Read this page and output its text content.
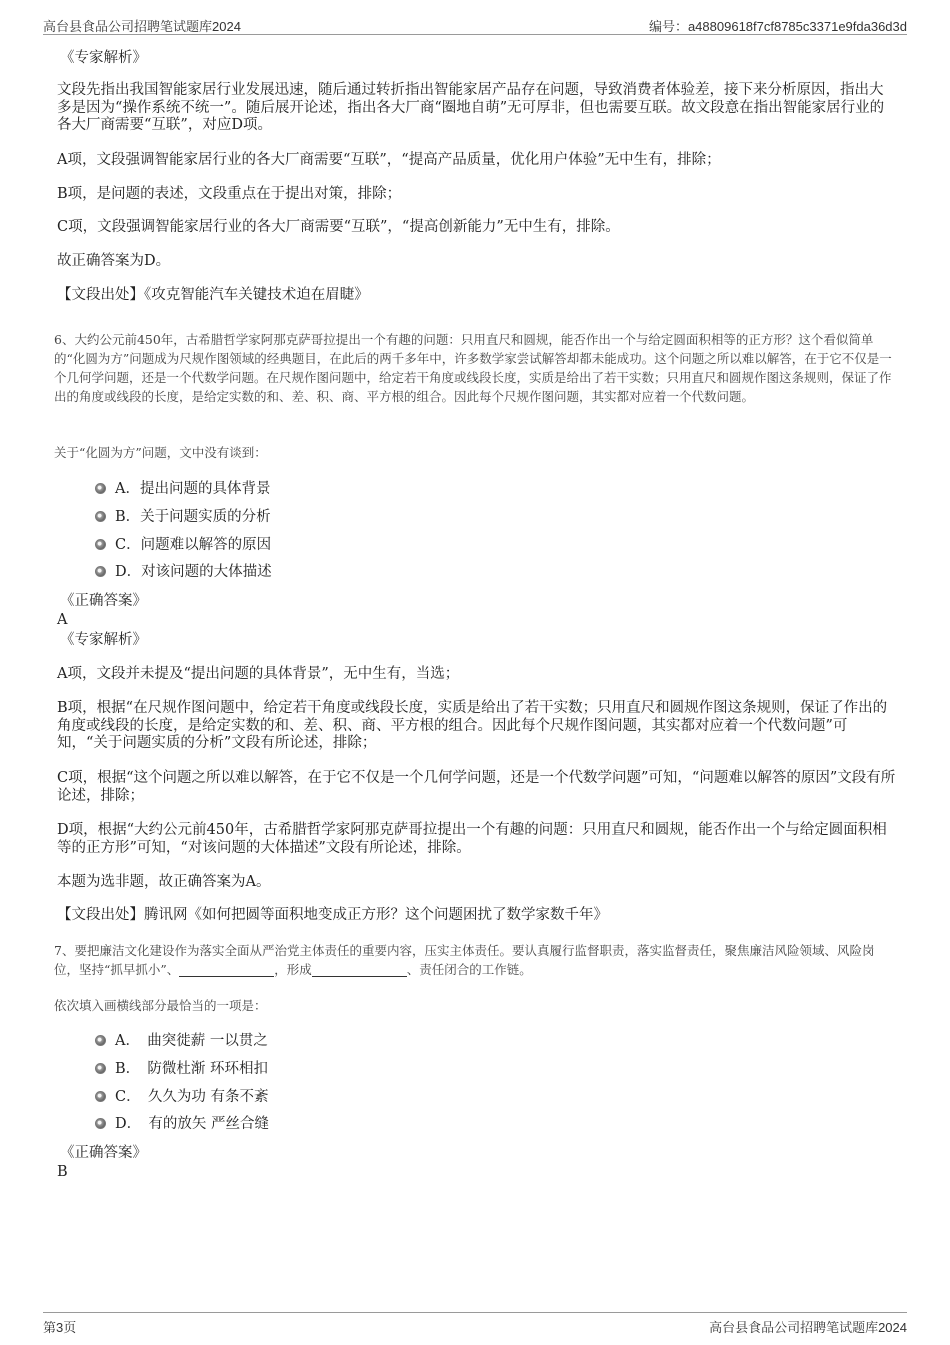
高台县食品公司招聘笔试题库2024	编号：a48809618f7cf8785c3371e9fda36d3d

《专家解析》

文段先指出我国智能家居行业发展迅速，随后通过转折指出智能家居产品存在问题，导致消费者体验差，接下来分析原因，指出大多是因为“操作系统不统一”。随后展开论述，指出各大厂商“圈地自萌”无可厚非，但也需要互联。故文段意在指出智能家居行业的各大厂商需要“互联”，对应D项。

A项，文段强调智能家居行业的各大厂商需要“互联”，“提高产品质量，优化用户体验”无中生有，排除；

B项，是问题的表述，文段重点在于提出对策，排除；

C项，文段强调智能家居行业的各大厂商需要“互联”，“提高创新能力”无中生有，排除。

故正确答案为D。

【文段出处】《攻克智能汽车关键技术迫在眉睫》

6、大约公元前450年，古希腊哲学家阿那克萨哥拉提出一个有趣的问题：只用直尺和圆规，能否作出一个与给定圆面积相等的正方形？这个看似简单的“化圆为方”问题成为尺规作图领域的经典题目，在此后的两千多年中，许多数学家尝试解答却都未能成功。这个问题之所以难以解答，在于它不仅是一个几何学问题，还是一个代数学问题。在尺规作图问题中，给定若干角度或线段长度，实质是给出了若干实数；只用直尺和圆规作图这条规则，保证了作出的角度或线段的长度，是给定实数的和、差、积、商、平方根的组合。因此每个尺规作图问题，其实都对应着一个代数问题。

关于“化圆为方”问题，文中没有谈到：

A．提出问题的具体背景
B．关于问题实质的分析
C．问题难以解答的原因
D．对该问题的大体描述

《正确答案》

A

《专家解析》

A项，文段并未提及“提出问题的具体背景”，无中生有，当选；

B项，根据“在尺规作图问题中，给定若干角度或线段长度，实质是给出了若干实数；只用直尺和圆规作图这条规则，保证了作出的角度或线段的长度，是给定实数的和、差、积、商、平方根的组合。因此每个尺规作图问题，其实都对应着一个代数问题”可知，“关于问题实质的分析”文段有所论述，排除；

C项，根据“这个问题之所以难以解答，在于它不仅是一个几何学问题，还是一个代数学问题”可知，“问题难以解答的原因”文段有所论述，排除；

D项，根据“大约公元前450年，古希腊哲学家阿那克萨哥拉提出一个有趣的问题：只用直尺和圆规，能否作出一个与给定圆面积相等的正方形”可知，“对该问题的大体描述”文段有所论述，排除。

本题为选非题，故正确答案为A。

【文段出处】腾讯网《如何把圆等面积地变成正方形？这个问题困扰了数学家数千年》

7、要把廉洁文化建设作为落实全面从严治党主体责任的重要内容，压实主体责任。要认真履行监督职责，落实监督责任，聚焦廉洁风险领域、风险岗位，坚持“抓早抓小”、	，形成	、责任闭合的工作链。

依次填入画横线部分最恰当的一项是：

A．　曲突徙薪 一以贯之
B．　防微杜渐 环环相扣
C．　久久为功 有条不紊
D．　有的放矢 严丝合缝

《正确答案》

B

第3页	高台县食品公司招聘笔试题库2024
